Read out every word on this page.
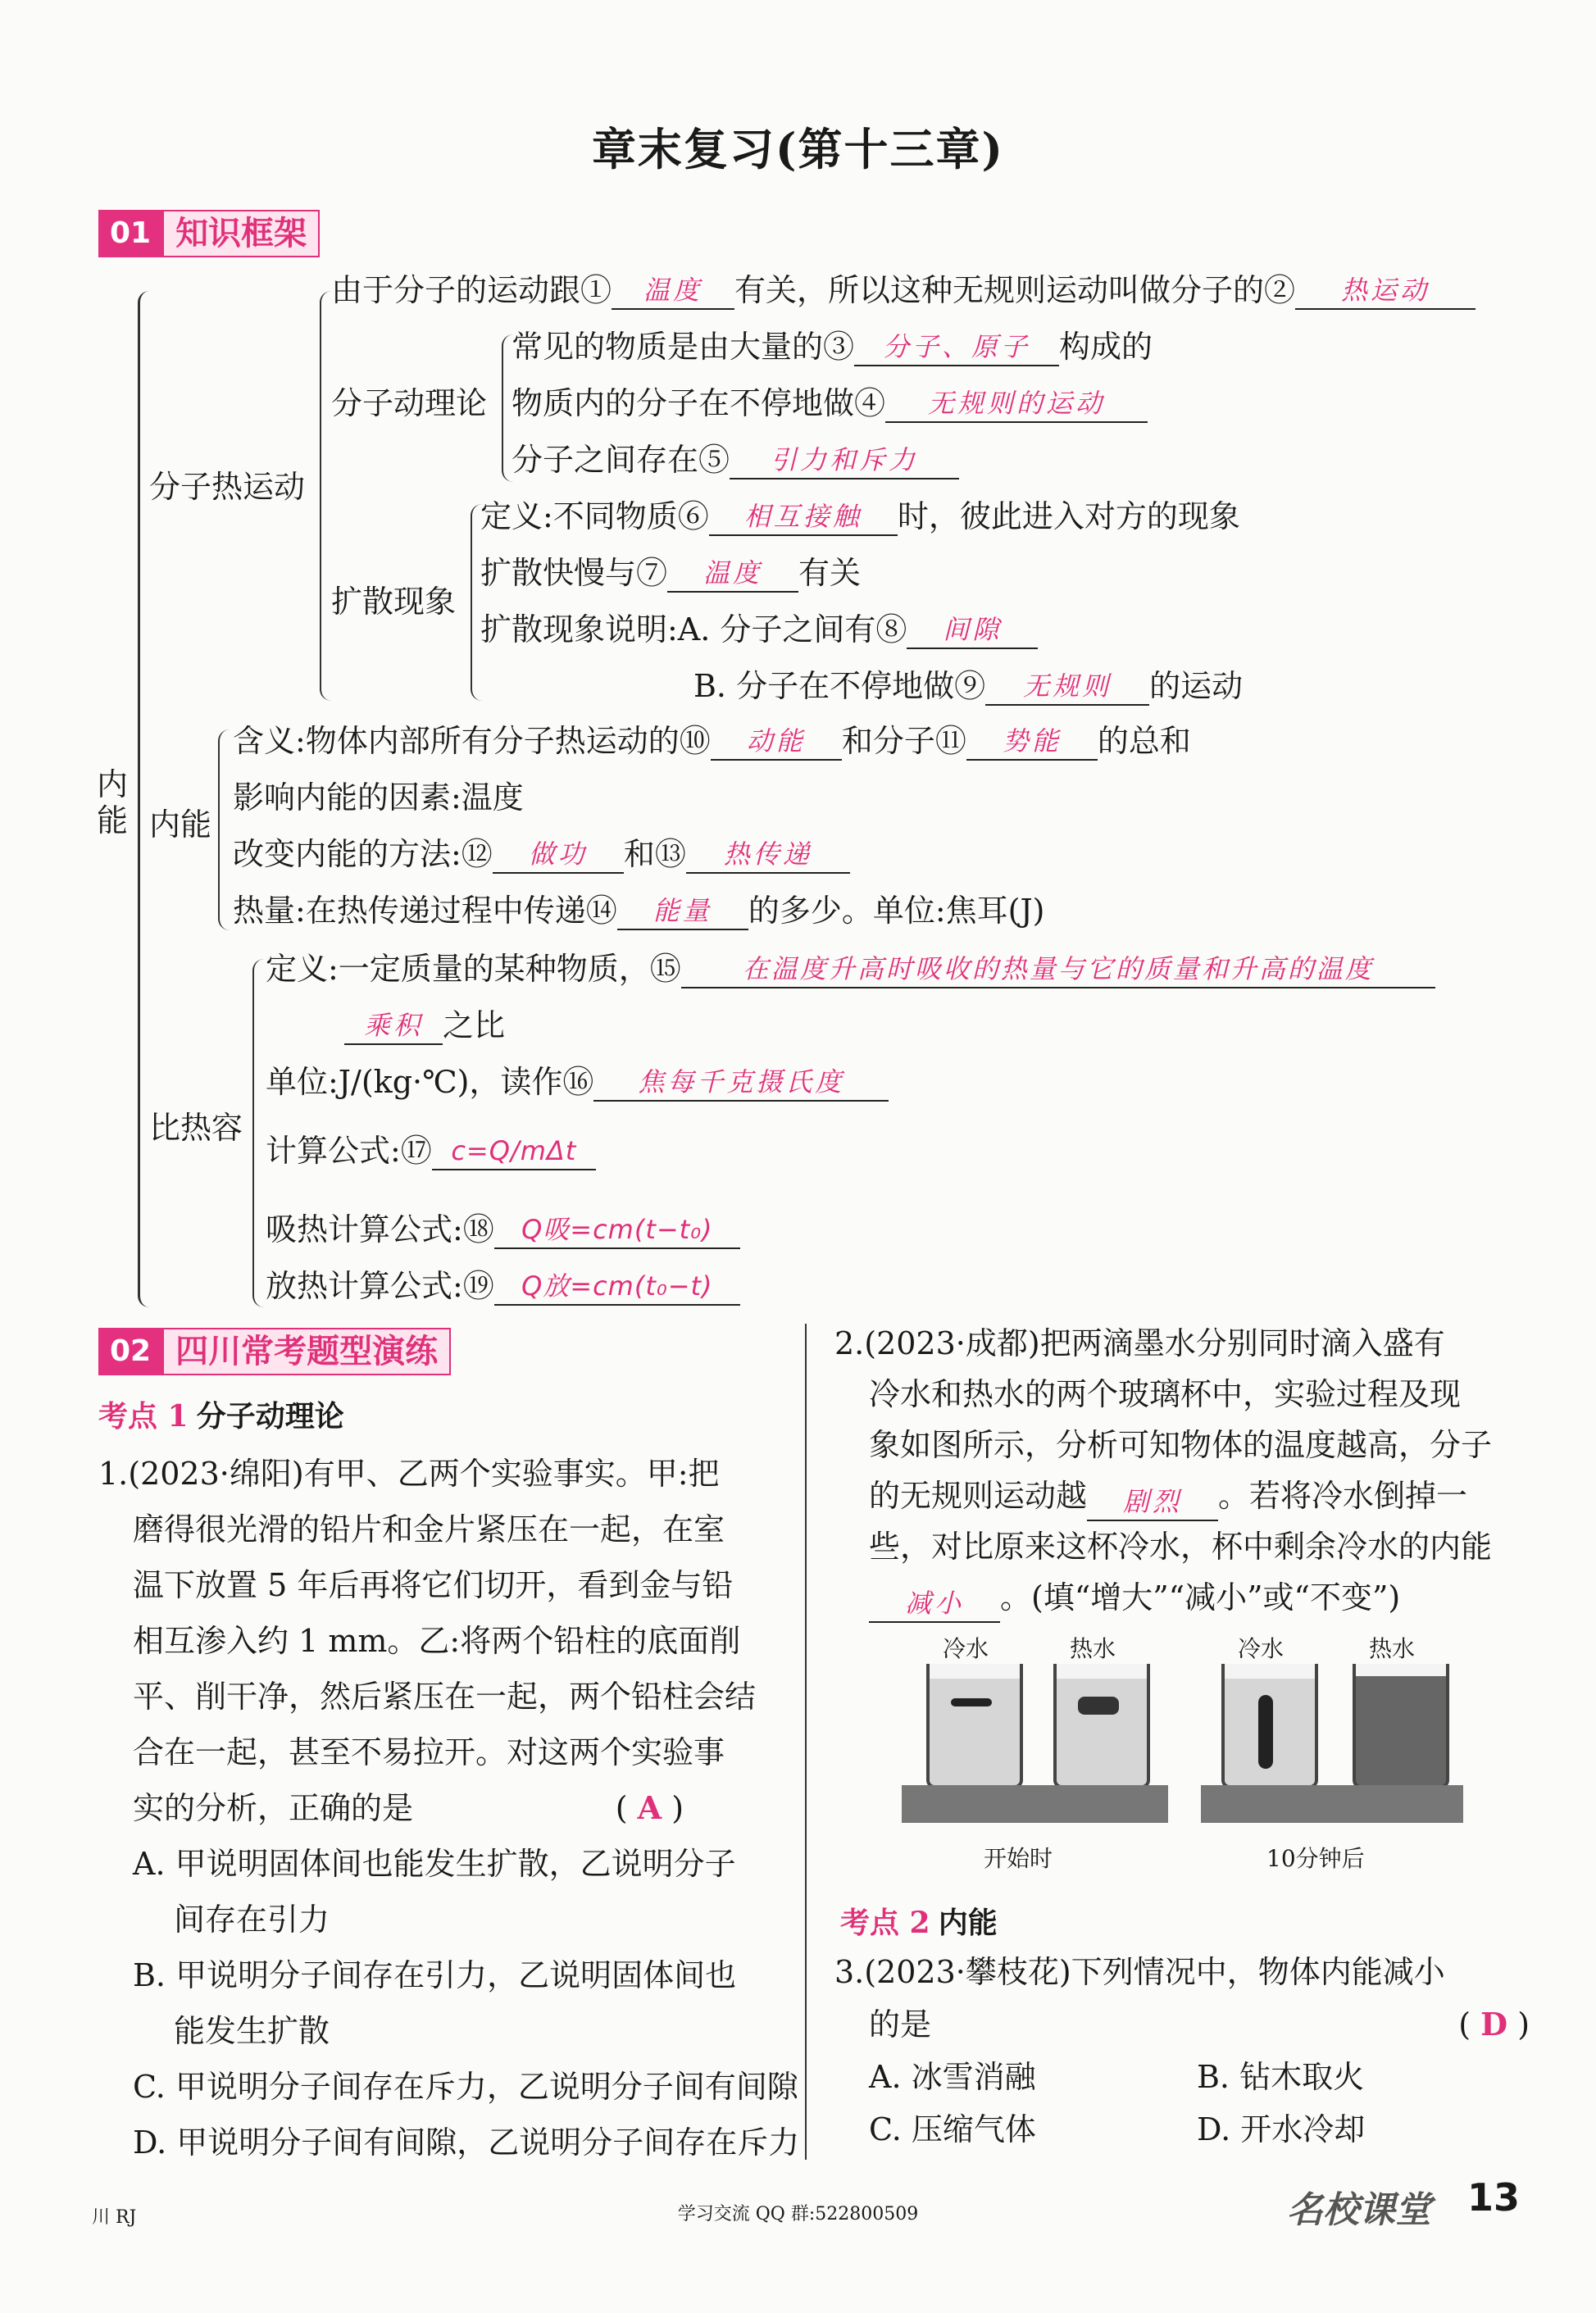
章末复习(第十三章)
01 知识框架
内能
分子热运动
由于分子的运动跟① 温度 有关，所以这种无规则运动叫做分子的② 热运动
分子动理论
常见的物质是由大量的③ 分子、原子 构成的
物质内的分子在不停地做④ 无规则的运动
分子之间存在⑤ 引力和斥力
扩散现象
定义:不同物质⑥ 相互接触 时，彼此进入对方的现象
扩散快慢与⑦ 温度 有关
扩散现象说明:A. 分子之间有⑧ 间隙
B. 分子在不停地做⑨ 无规则 的运动
内能
含义:物体内部所有分子热运动的⑩ 动能 和分子⑪ 势能 的总和
影响内能的因素:温度
改变内能的方法:⑫ 做功 和⑬ 热传递
热量:在热传递过程中传递⑭ 能量 的多少。单位:焦耳(J)
比热容
定义:一定质量的某种物质，⑮ 在温度升高时吸收的热量与它的质量和升高的温度
乘积 之比
单位:J/(kg·℃)，读作⑯ 焦每千克摄氏度
计算公式:⑰ c=Q/mΔt
吸热计算公式:⑱ Q吸=cm(t−t₀)
放热计算公式:⑲ Q放=cm(t₀−t)
02 四川常考题型演练
考点 1 分子动理论
1.(2023·绵阳)有甲、乙两个实验事实。甲:把
磨得很光滑的铅片和金片紧压在一起，在室
温下放置 5 年后再将它们切开，看到金与铅
相互渗入约 1 mm。乙:将两个铅柱的底面削
平、削干净，然后紧压在一起，两个铅柱会结
合在一起，甚至不易拉开。对这两个实验事
实的分析，正确的是	( A )
A. 甲说明固体间也能发生扩散，乙说明分子
间存在引力
B. 甲说明分子间存在引力，乙说明固体间也
能发生扩散
C. 甲说明分子间存在斥力，乙说明分子间有间隙
D. 甲说明分子间有间隙，乙说明分子间存在斥力
2.(2023·成都)把两滴墨水分别同时滴入盛有
冷水和热水的两个玻璃杯中，实验过程及现
象如图所示，分析可知物体的温度越高，分子
的无规则运动越 剧烈 。若将冷水倒掉一
些，对比原来这杯冷水，杯中剩余冷水的内能
减小 。(填“增大”“减小”或“不变”)
冷水	热水	冷水	热水
开始时	10分钟后
考点 2 内能
3.(2023·攀枝花)下列情况中，物体内能减小
的是	( D )
A. 冰雪消融	B. 钻木取火
C. 压缩气体	D. 开水冷却
川 RJ	学习交流 QQ 群:522800509	名校课堂 13
